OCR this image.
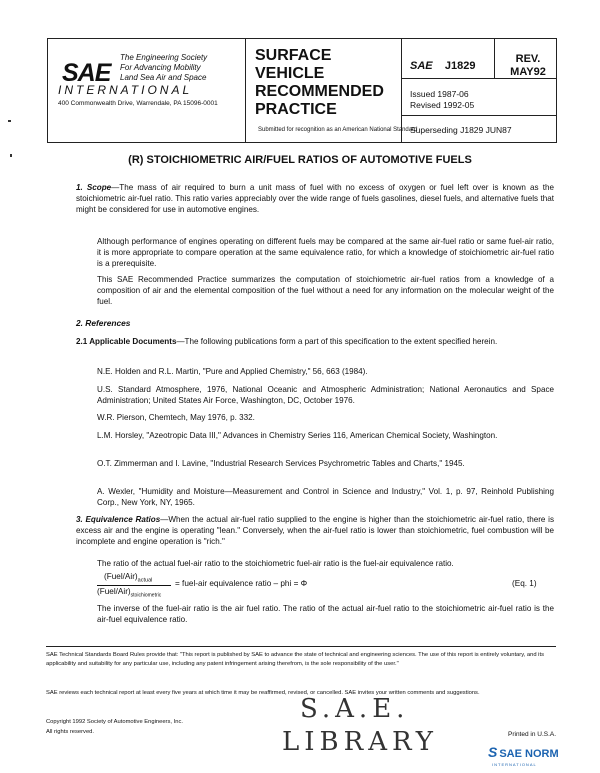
SAE
The Engineering Society
For Advancing Mobility
Land Sea Air and Space
INTERNATIONAL
400 Commonwealth Drive, Warrendale, PA 15096-0001
SURFACE
VEHICLE
RECOMMENDED
PRACTICE
Submitted for recognition as an American National Standard
SAE J1829
REV.
MAY92
Issued 1987-06
Revised 1992-05
Superseding J1829 JUN87
(R) STOICHIOMETRIC AIR/FUEL RATIOS OF AUTOMOTIVE FUELS
1. Scope—The mass of air required to burn a unit mass of fuel with no excess of oxygen or fuel left over is known as the stoichiometric air-fuel ratio. This ratio varies appreciably over the wide range of fuels gasolines, diesel fuels, and alternative fuels that might be considered for use in automotive engines.
Although performance of engines operating on different fuels may be compared at the same air-fuel ratio or same fuel-air ratio, it is more appropriate to compare operation at the same equivalence ratio, for which a knowledge of stoichiometric air-fuel ratio is a prerequisite.
This SAE Recommended Practice summarizes the computation of stoichiometric air-fuel ratios from a knowledge of a composition of air and the elemental composition of the fuel without a need for any information on the molecular weight of the fuel.
2. References
2.1 Applicable Documents—The following publications form a part of this specification to the extent specified herein.
N.E. Holden and R.L. Martin, "Pure and Applied Chemistry," 56, 663 (1984).
U.S. Standard Atmosphere, 1976, National Oceanic and Atmospheric Administration; National Aeronautics and Space Administration; United States Air Force, Washington, DC, October 1976.
W.R. Pierson, Chemtech, May 1976, p. 332.
L.M. Horsley, "Azeotropic Data III," Advances in Chemistry Series 116, American Chemical Society, Washington.
O.T. Zimmerman and I. Lavine, "Industrial Research Services Psychrometric Tables and Charts," 1945.
A. Wexler, "Humidity and Moisture—Measurement and Control in Science and Industry," Vol. 1, p. 97, Reinhold Publishing Corp., New York, NY, 1965.
3. Equivalence Ratios—When the actual air-fuel ratio supplied to the engine is higher than the stoichiometric air-fuel ratio, there is excess air and the engine is operating "lean." Conversely, when the air-fuel ratio is lower than stoichiometric, fuel combustion will be incomplete and engine operation is "rich."
The ratio of the actual fuel-air ratio to the stoichiometric fuel-air ratio is the fuel-air equivalence ratio.
$(Fuel/Air)_{actual}$
$(Fuel/Air)_{stoichiometric}$
= fuel-air equivalence ratio – phi = Φ	(Eq. 1)
The inverse of the fuel-air ratio is the air fuel ratio. The ratio of the actual air-fuel ratio to the stoichiometric air-fuel ratio is the air-fuel equivalence ratio.
SAE Technical Standards Board Rules provide that: "This report is published by SAE to advance the state of technical and engineering sciences. The use of this report is entirely voluntary, and its applicability and suitability for any particular use, including any patent infringement arising therefrom, is the sole responsibility of the user."
SAE reviews each technical report at least every five years at which time it may be reaffirmed, revised, or cancelled. SAE invites your written comments and suggestions.
Copyright 1992 Society of Automotive Engineers, Inc.
All rights reserved.
S.A.E.
LIBRARY	Printed in U.S.A.
S SAE NORM
INTERNATIONAL
